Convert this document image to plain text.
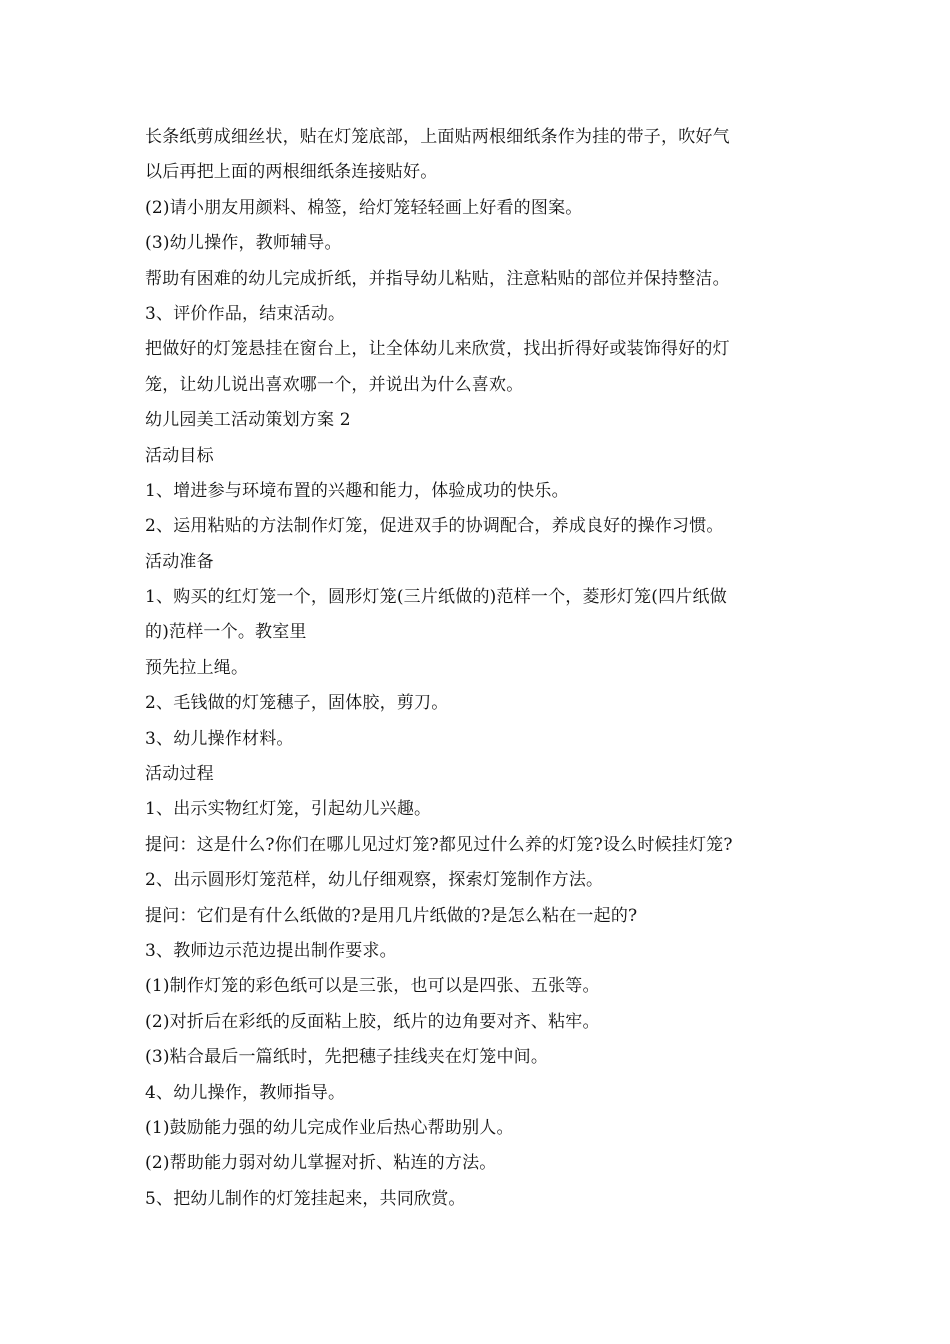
长条纸剪成细丝状，贴在灯笼底部，上面贴两根细纸条作为挂的带子，吹好气
以后再把上面的两根细纸条连接贴好。
(2)请小朋友用颜料、棉签，给灯笼轻轻画上好看的图案。
(3)幼儿操作，教师辅导。
帮助有困难的幼儿完成折纸，并指导幼儿粘贴，注意粘贴的部位并保持整洁。
3、评价作品，结束活动。
把做好的灯笼悬挂在窗台上，让全体幼儿来欣赏，找出折得好或装饰得好的灯
笼，让幼儿说出喜欢哪一个，并说出为什么喜欢。
幼儿园美工活动策划方案 2
活动目标
1、增进参与环境布置的兴趣和能力，体验成功的快乐。
2、运用粘贴的方法制作灯笼，促进双手的协调配合，养成良好的操作习惯。
活动准备
1、购买的红灯笼一个，圆形灯笼(三片纸做的)范样一个，菱形灯笼(四片纸做
的)范样一个。教室里
预先拉上绳。
2、毛钱做的灯笼穗子，固体胶，剪刀。
3、幼儿操作材料。
活动过程
1、出示实物红灯笼，引起幼儿兴趣。
提问：这是什么?你们在哪儿见过灯笼?都见过什么养的灯笼?设么时候挂灯笼?
2、出示圆形灯笼范样，幼儿仔细观察，探索灯笼制作方法。
提问：它们是有什么纸做的?是用几片纸做的?是怎么粘在一起的?
3、教师边示范边提出制作要求。
(1)制作灯笼的彩色纸可以是三张，也可以是四张、五张等。
(2)对折后在彩纸的反面粘上胶，纸片的边角要对齐、粘牢。
(3)粘合最后一篇纸时，先把穗子挂线夹在灯笼中间。
4、幼儿操作，教师指导。
(1)鼓励能力强的幼儿完成作业后热心帮助别人。
(2)帮助能力弱对幼儿掌握对折、粘连的方法。
5、把幼儿制作的灯笼挂起来，共同欣赏。
